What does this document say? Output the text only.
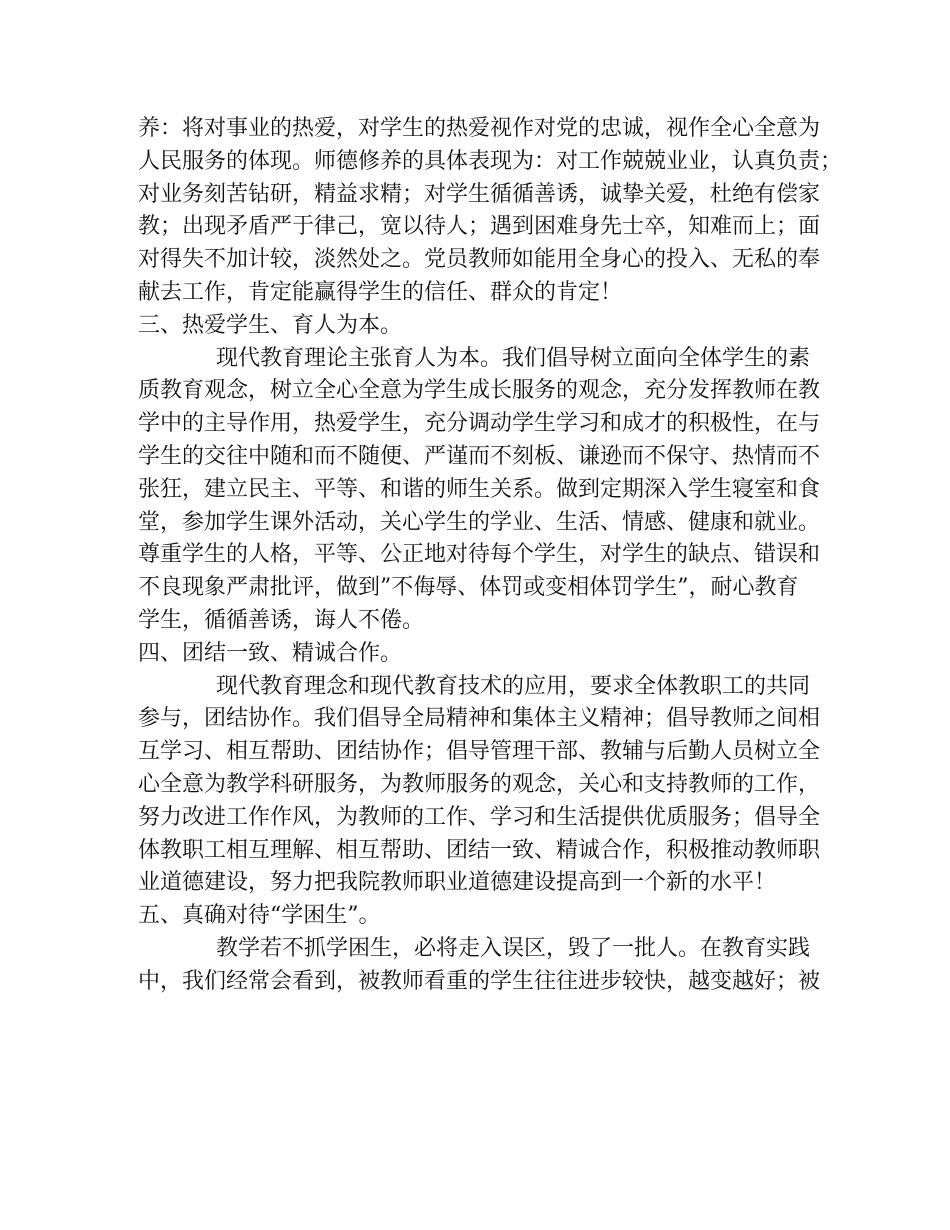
养：将对事业的热爱，对学生的热爱视作对党的忠诚，视作全心全意为
人民服务的体现。师德修养的具体表现为：对工作兢兢业业，认真负责；
对业务刻苦钻研，精益求精；对学生循循善诱，诚挚关爱，杜绝有偿家
教；出现矛盾严于律己，宽以待人；遇到困难身先士卒，知难而上；面
对得失不加计较，淡然处之。党员教师如能用全身心的投入、无私的奉
献去工作，肯定能赢得学生的信任、群众的肯定！
三、热爱学生、育人为本。
现代教育理论主张育人为本。我们倡导树立面向全体学生的素
质教育观念，树立全心全意为学生成长服务的观念，充分发挥教师在教
学中的主导作用，热爱学生，充分调动学生学习和成才的积极性，在与
学生的交往中随和而不随便、严谨而不刻板、谦逊而不保守、热情而不
张狂，建立民主、平等、和谐的师生关系。做到定期深入学生寝室和食
堂，参加学生课外活动，关心学生的学业、生活、情感、健康和就业。
尊重学生的人格，平等、公正地对待每个学生，对学生的缺点、错误和
不良现象严肃批评，做到”不侮辱、体罚或变相体罚学生”，耐心教育
学生，循循善诱，诲人不倦。
四、团结一致、精诚合作。
现代教育理念和现代教育技术的应用，要求全体教职工的共同
参与，团结协作。我们倡导全局精神和集体主义精神；倡导教师之间相
互学习、相互帮助、团结协作；倡导管理干部、教辅与后勤人员树立全
心全意为教学科研服务，为教师服务的观念，关心和支持教师的工作，
努力改进工作作风，为教师的工作、学习和生活提供优质服务；倡导全
体教职工相互理解、相互帮助、团结一致、精诚合作，积极推动教师职
业道德建设，努力把我院教师职业道德建设提高到一个新的水平！
五、真确对待“学困生”。
教学若不抓学困生，必将走入误区，毁了一批人。在教育实践
中，我们经常会看到，被教师看重的学生往往进步较快，越变越好；被
